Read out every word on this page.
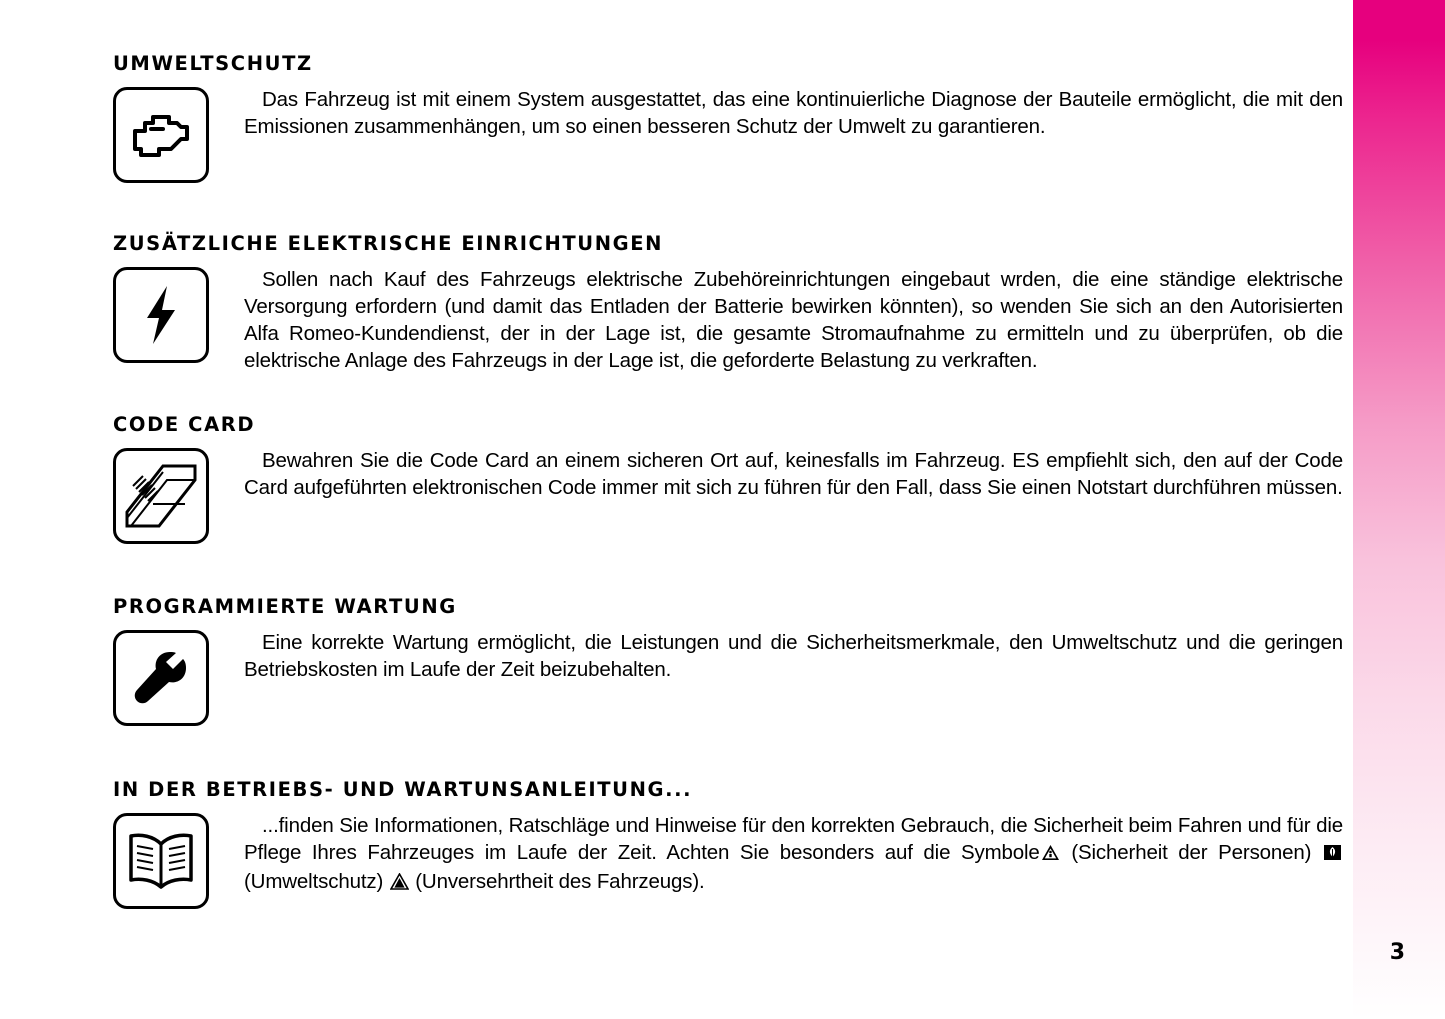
UMWELTSCHUTZ
Das Fahrzeug ist mit einem System ausgestattet, das eine kontinuierliche Diagnose der Bauteile ermöglicht, die mit den Emissionen zusammenhängen, um so einen besseren Schutz der Umwelt zu garantieren.
ZUSÄTZLICHE ELEKTRISCHE EINRICHTUNGEN
Sollen nach Kauf des Fahrzeugs elektrische Zubehöreinrichtungen eingebaut wrden, die eine ständige elektrische Versorgung erfordern (und damit das Entladen der Batterie bewirken könnten), so wenden Sie sich an den Autorisierten Alfa Romeo-Kundendienst, der in der Lage ist, die gesamte Stromaufnahme zu ermitteln und zu überprüfen, ob die elektrische Anlage des Fahrzeugs in der Lage ist, die geforderte Belastung zu verkraften.
CODE CARD
Bewahren Sie die Code Card an einem sicheren Ort auf, keinesfalls im Fahrzeug. ES empfiehlt sich, den auf der Code Card aufgeführten elektronischen Code immer mit sich zu führen für den Fall, dass Sie einen Notstart durchführen müssen.
PROGRAMMIERTE WARTUNG
Eine korrekte Wartung ermöglicht, die Leistungen und die Sicherheitsmerkmale, den Umweltschutz und die geringen Betriebskosten im Laufe der Zeit beizubehalten.
IN DER BETRIEBS- UND WARTUNSANLEITUNG...
...finden Sie Informationen, Ratschläge und Hinweise für den korrekten Gebrauch, die Sicherheit beim Fahren und für die Pflege Ihres Fahrzeuges im Laufe der Zeit. Achten Sie besonders auf die Symbole (Sicherheit der Personen)  (Umweltschutz) (Unversehrtheit des Fahrzeugs).
3
